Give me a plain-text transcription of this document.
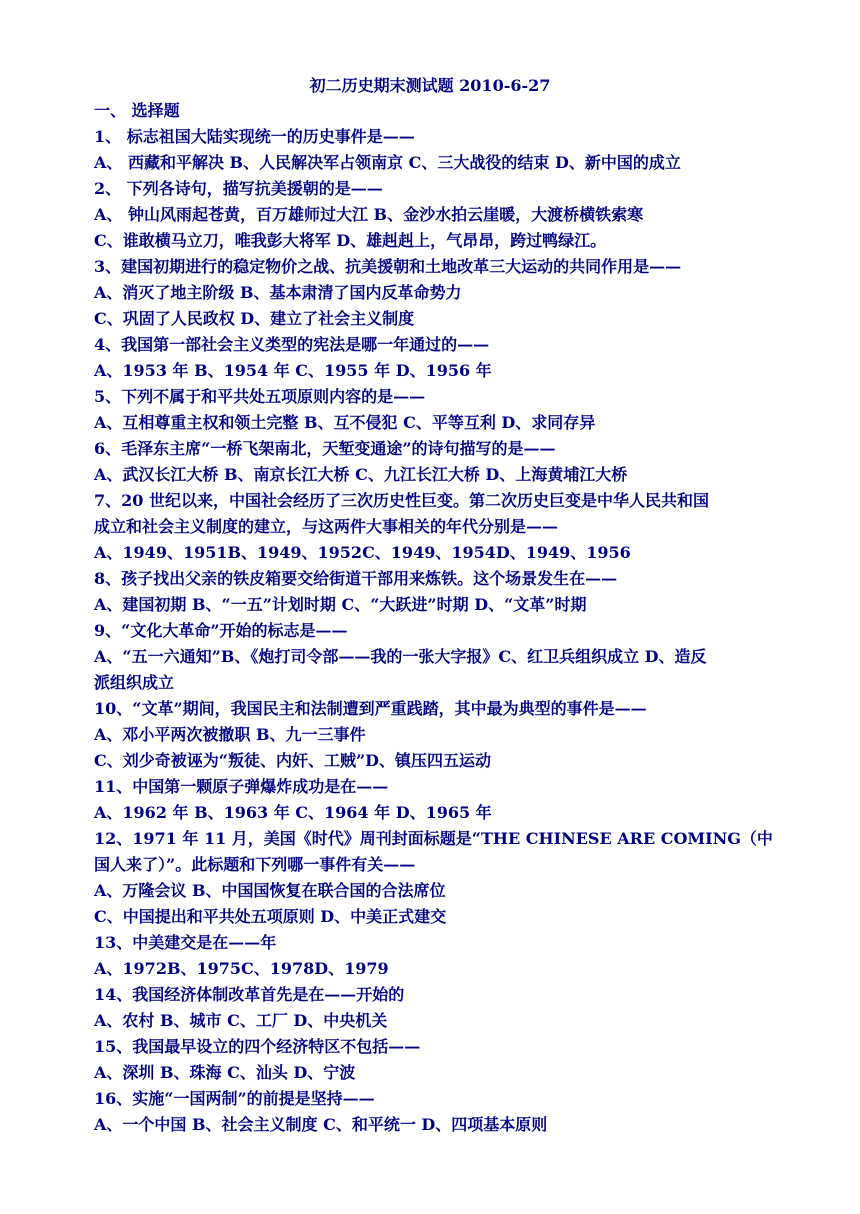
初二历史期末测试题 2010-6-27
一、 选择题
1、 标志祖国大陆实现统一的历史事件是——
A、 西藏和平解决 B、人民解决军占领南京 C、三大战役的结束 D、新中国的成立
2、 下列各诗句，描写抗美援朝的是——
A、 钟山风雨起苍黄，百万雄师过大江 B、金沙水拍云崖暖，大渡桥横铁索寒
C、谁敢横马立刀，唯我彭大将军 D、雄赳赳上，气昂昂，跨过鸭绿江。
3、建国初期进行的稳定物价之战、抗美援朝和土地改革三大运动的共同作用是——
A、消灭了地主阶级 B、基本肃清了国内反革命势力
C、巩固了人民政权 D、建立了社会主义制度
4、我国第一部社会主义类型的宪法是哪一年通过的——
A、1953 年 B、1954 年 C、1955 年 D、1956 年
5、下列不属于和平共处五项原则内容的是——
A、互相尊重主权和领土完整 B、互不侵犯 C、平等互利 D、求同存异
6、毛泽东主席“一桥飞架南北，天堑变通途”的诗句描写的是——
A、武汉长江大桥 B、南京长江大桥 C、九江长江大桥 D、上海黄埔江大桥
7、20 世纪以来，中国社会经历了三次历史性巨变。第二次历史巨变是中华人民共和国
成立和社会主义制度的建立，与这两件大事相关的年代分别是——
A、1949、1951B、1949、1952C、1949、1954D、1949、1956
8、孩子找出父亲的铁皮箱要交给街道干部用来炼铁。这个场景发生在——
A、建国初期 B、“一五”计划时期 C、“大跃进”时期 D、“文革”时期
9、“文化大革命”开始的标志是——
A、“五一六通知”B、《炮打司令部——我的一张大字报》C、红卫兵组织成立 D、造反
派组织成立
10、“文革”期间，我国民主和法制遭到严重践踏，其中最为典型的事件是——
A、邓小平两次被撤职 B、九一三事件
C、刘少奇被诬为“叛徒、内奸、工贼”D、镇压四五运动
11、中国第一颗原子弹爆炸成功是在——
A、1962 年 B、1963 年 C、1964 年 D、1965 年
12、1971 年 11 月，美国《时代》周刊封面标题是“THE CHINESE ARE COMING（中
国人来了）”。此标题和下列哪一事件有关——
A、万隆会议 B、中国国恢复在联合国的合法席位
C、中国提出和平共处五项原则 D、中美正式建交
13、中美建交是在——年
A、1972B、1975C、1978D、1979
14、我国经济体制改革首先是在——开始的
A、农村 B、城市 C、工厂 D、中央机关
15、我国最早设立的四个经济特区不包括——
A、深圳 B、珠海 C、汕头 D、宁波
16、实施“一国两制”的前提是坚持——
A、一个中国 B、社会主义制度 C、和平统一 D、四项基本原则
